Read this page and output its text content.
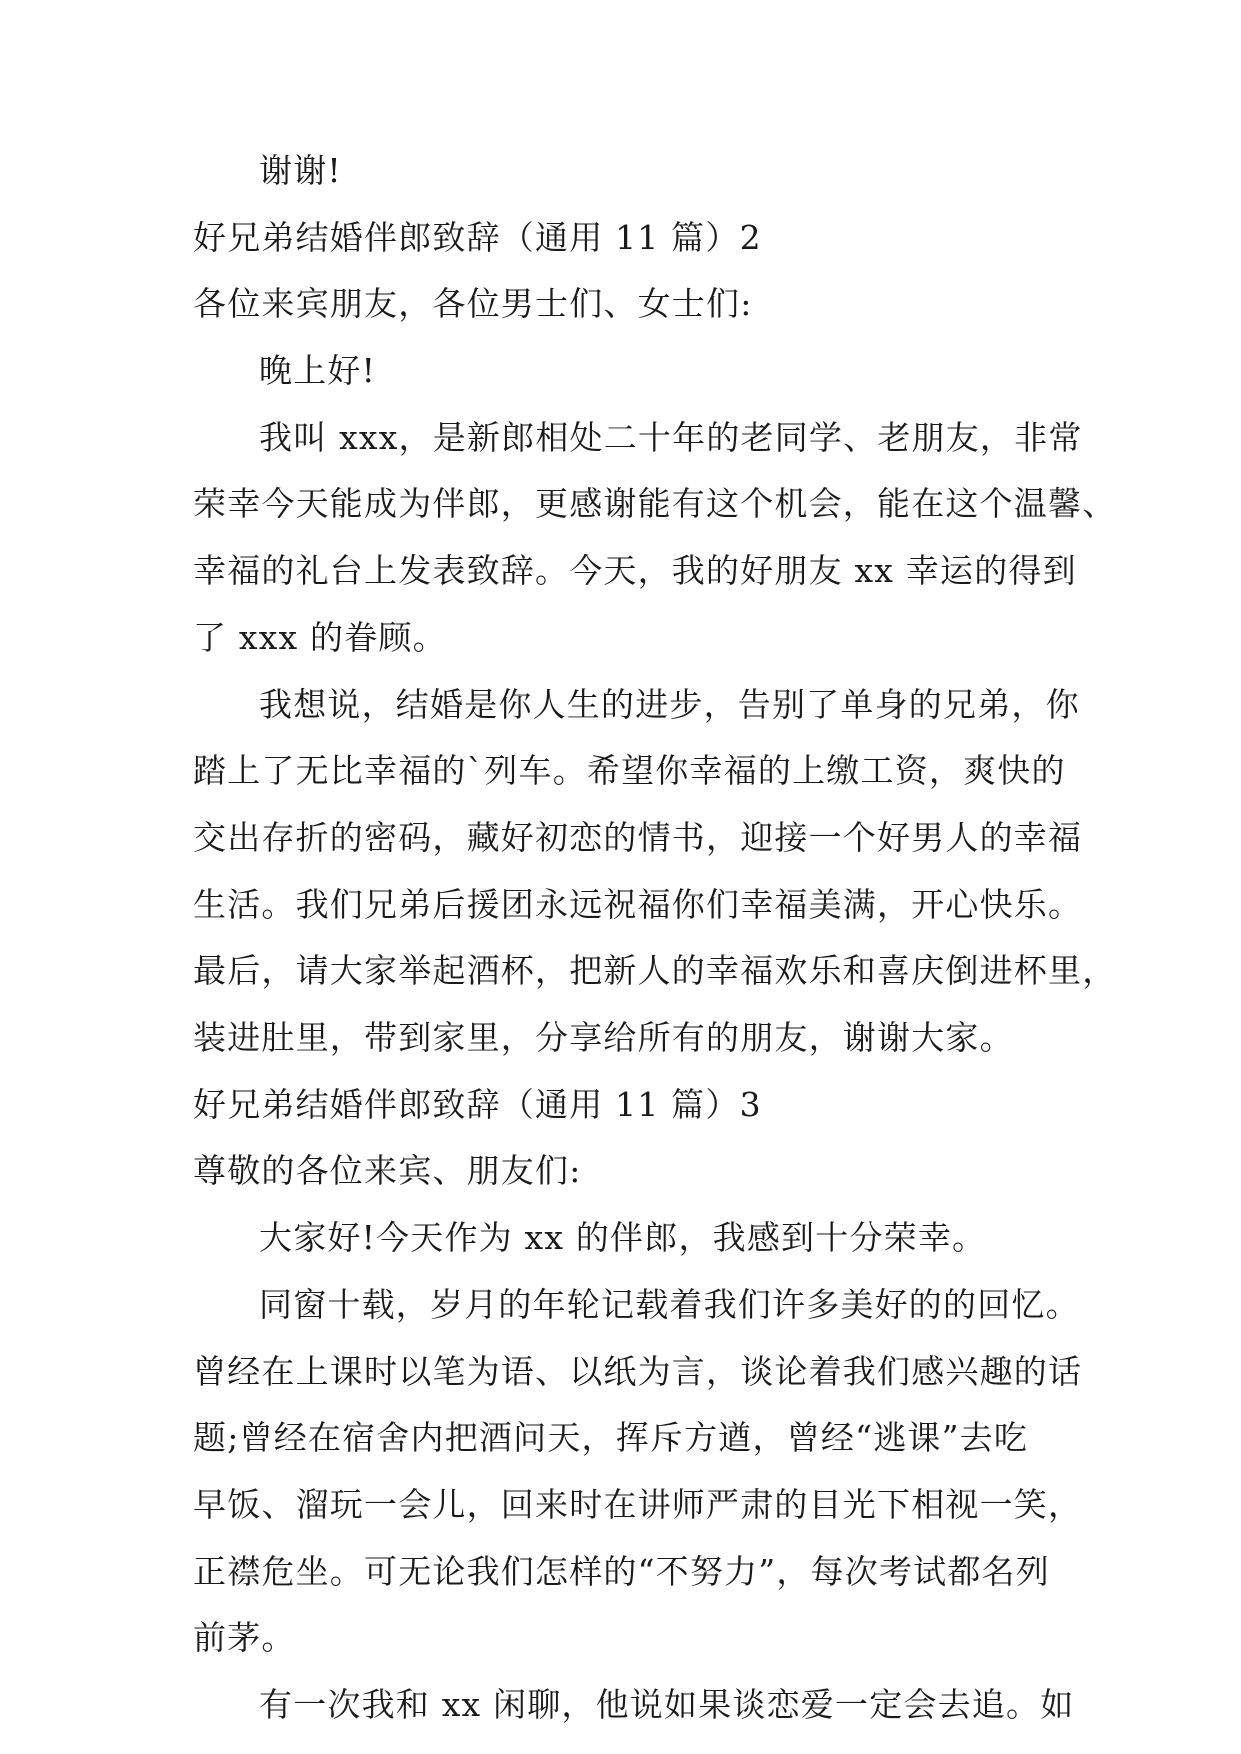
谢谢!
好兄弟结婚伴郎致辞（通用 11 篇）2
各位来宾朋友，各位男士们、女士们:
晚上好!
我叫 xxx，是新郎相处二十年的老同学、老朋友，非常
荣幸今天能成为伴郎，更感谢能有这个机会，能在这个温馨、
幸福的礼台上发表致辞。今天，我的好朋友 xx 幸运的得到
了 xxx 的眷顾。
我想说，结婚是你人生的进步，告别了单身的兄弟，你
踏上了无比幸福的`列车。希望你幸福的上缴工资，爽快的
交出存折的密码，藏好初恋的情书，迎接一个好男人的幸福
生活。我们兄弟后援团永远祝福你们幸福美满，开心快乐。
最后，请大家举起酒杯，把新人的幸福欢乐和喜庆倒进杯里，
装进肚里，带到家里，分享给所有的朋友，谢谢大家。
好兄弟结婚伴郎致辞（通用 11 篇）3
尊敬的各位来宾、朋友们:
大家好!今天作为 xx 的伴郎，我感到十分荣幸。
同窗十载，岁月的年轮记载着我们许多美好的的回忆。
曾经在上课时以笔为语、以纸为言，谈论着我们感兴趣的话
题;曾经在宿舍内把酒问天，挥斥方遒，曾经“逃课”去吃
早饭、溜玩一会儿，回来时在讲师严肃的目光下相视一笑，
正襟危坐。可无论我们怎样的“不努力”，每次考试都名列
前茅。
有一次我和 xx 闲聊，他说如果谈恋爱一定会去追。如
